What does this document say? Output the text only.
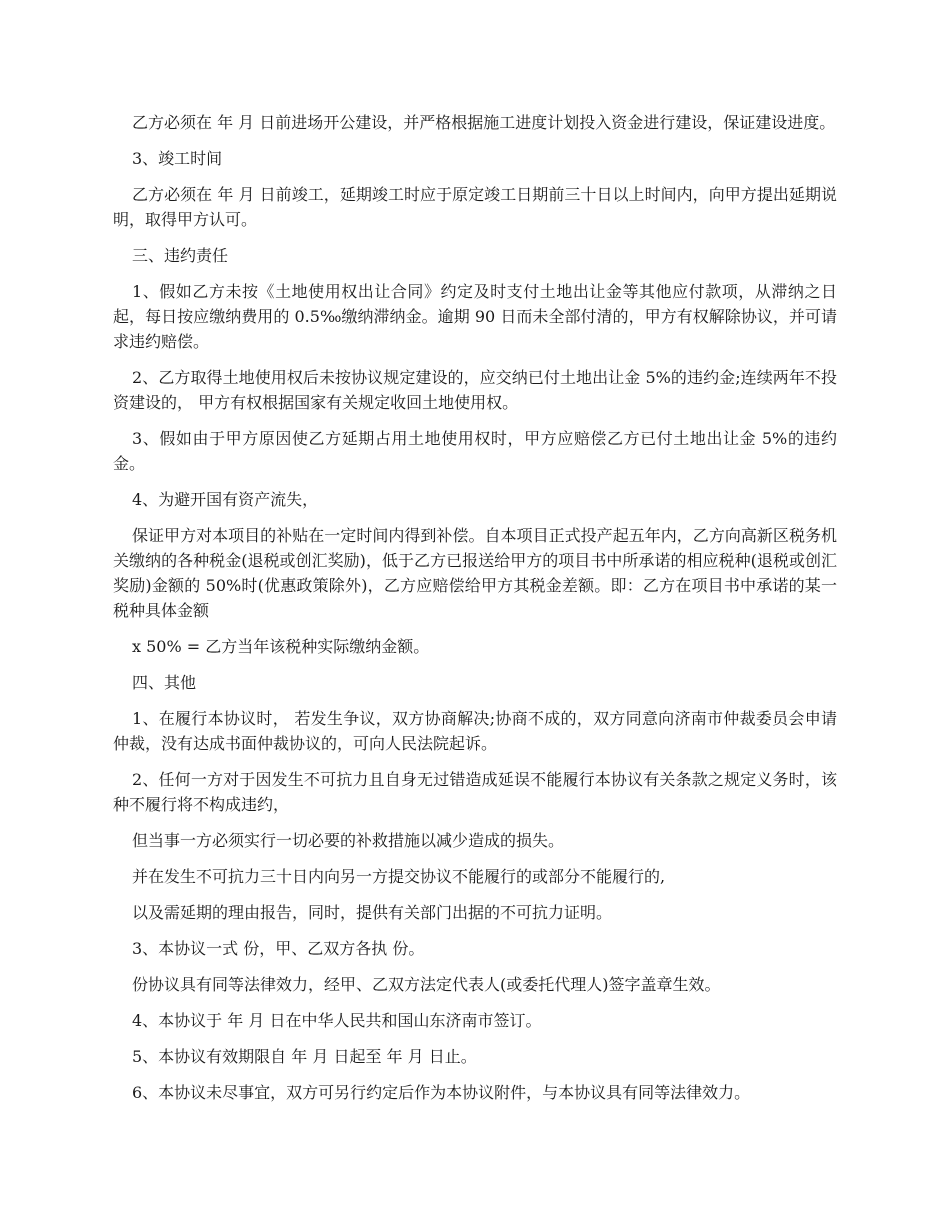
乙方必须在 年 月 日前进场开公建设，并严格根据施工进度计划投入资金进行建设，保证建设进度。

3、竣工时间

乙方必须在 年 月 日前竣工，延期竣工时应于原定竣工日期前三十日以上时间内，向甲方提出延期说明，取得甲方认可。

三、违约责任

1、假如乙方未按《土地使用权出让合同》约定及时支付土地出让金等其他应付款项，从滞纳之日起，每日按应缴纳费用的 0.5‰缴纳滞纳金。逾期 90 日而未全部付清的，甲方有权解除协议，并可请求违约赔偿。

2、乙方取得土地使用权后未按协议规定建设的，应交纳已付土地出让金 5%的违约金;连续两年不投资建设的， 甲方有权根据国家有关规定收回土地使用权。

3、假如由于甲方原因使乙方延期占用土地使用权时，甲方应赔偿乙方已付土地出让金 5%的违约金。

4、为避开国有资产流失，

保证甲方对本项目的补贴在一定时间内得到补偿。自本项目正式投产起五年内，乙方向高新区税务机关缴纳的各种税金(退税或创汇奖励)，低于乙方已报送给甲方的项目书中所承诺的相应税种(退税或创汇奖励)金额的 50%时(优惠政策除外)，乙方应赔偿给甲方其税金差额。即：乙方在项目书中承诺的某一税种具体金额

x 50% = 乙方当年该税种实际缴纳金额。

四、其他

1、在履行本协议时， 若发生争议，双方协商解决;协商不成的，双方同意向济南市仲裁委员会申请仲裁，没有达成书面仲裁协议的，可向人民法院起诉。

2、任何一方对于因发生不可抗力且自身无过错造成延误不能履行本协议有关条款之规定义务时，该种不履行将不构成违约，

但当事一方必须实行一切必要的补救措施以减少造成的损失。

并在发生不可抗力三十日内向另一方提交协议不能履行的或部分不能履行的,

以及需延期的理由报告，同时，提供有关部门出据的不可抗力证明。

3、本协议一式 份，甲、乙双方各执 份。

份协议具有同等法律效力，经甲、乙双方法定代表人(或委托代理人)签字盖章生效。

4、本协议于 年 月 日在中华人民共和国山东济南市签订。

5、本协议有效期限自 年 月 日起至 年 月 日止。

6、本协议未尽事宜，双方可另行约定后作为本协议附件，与本协议具有同等法律效力。
